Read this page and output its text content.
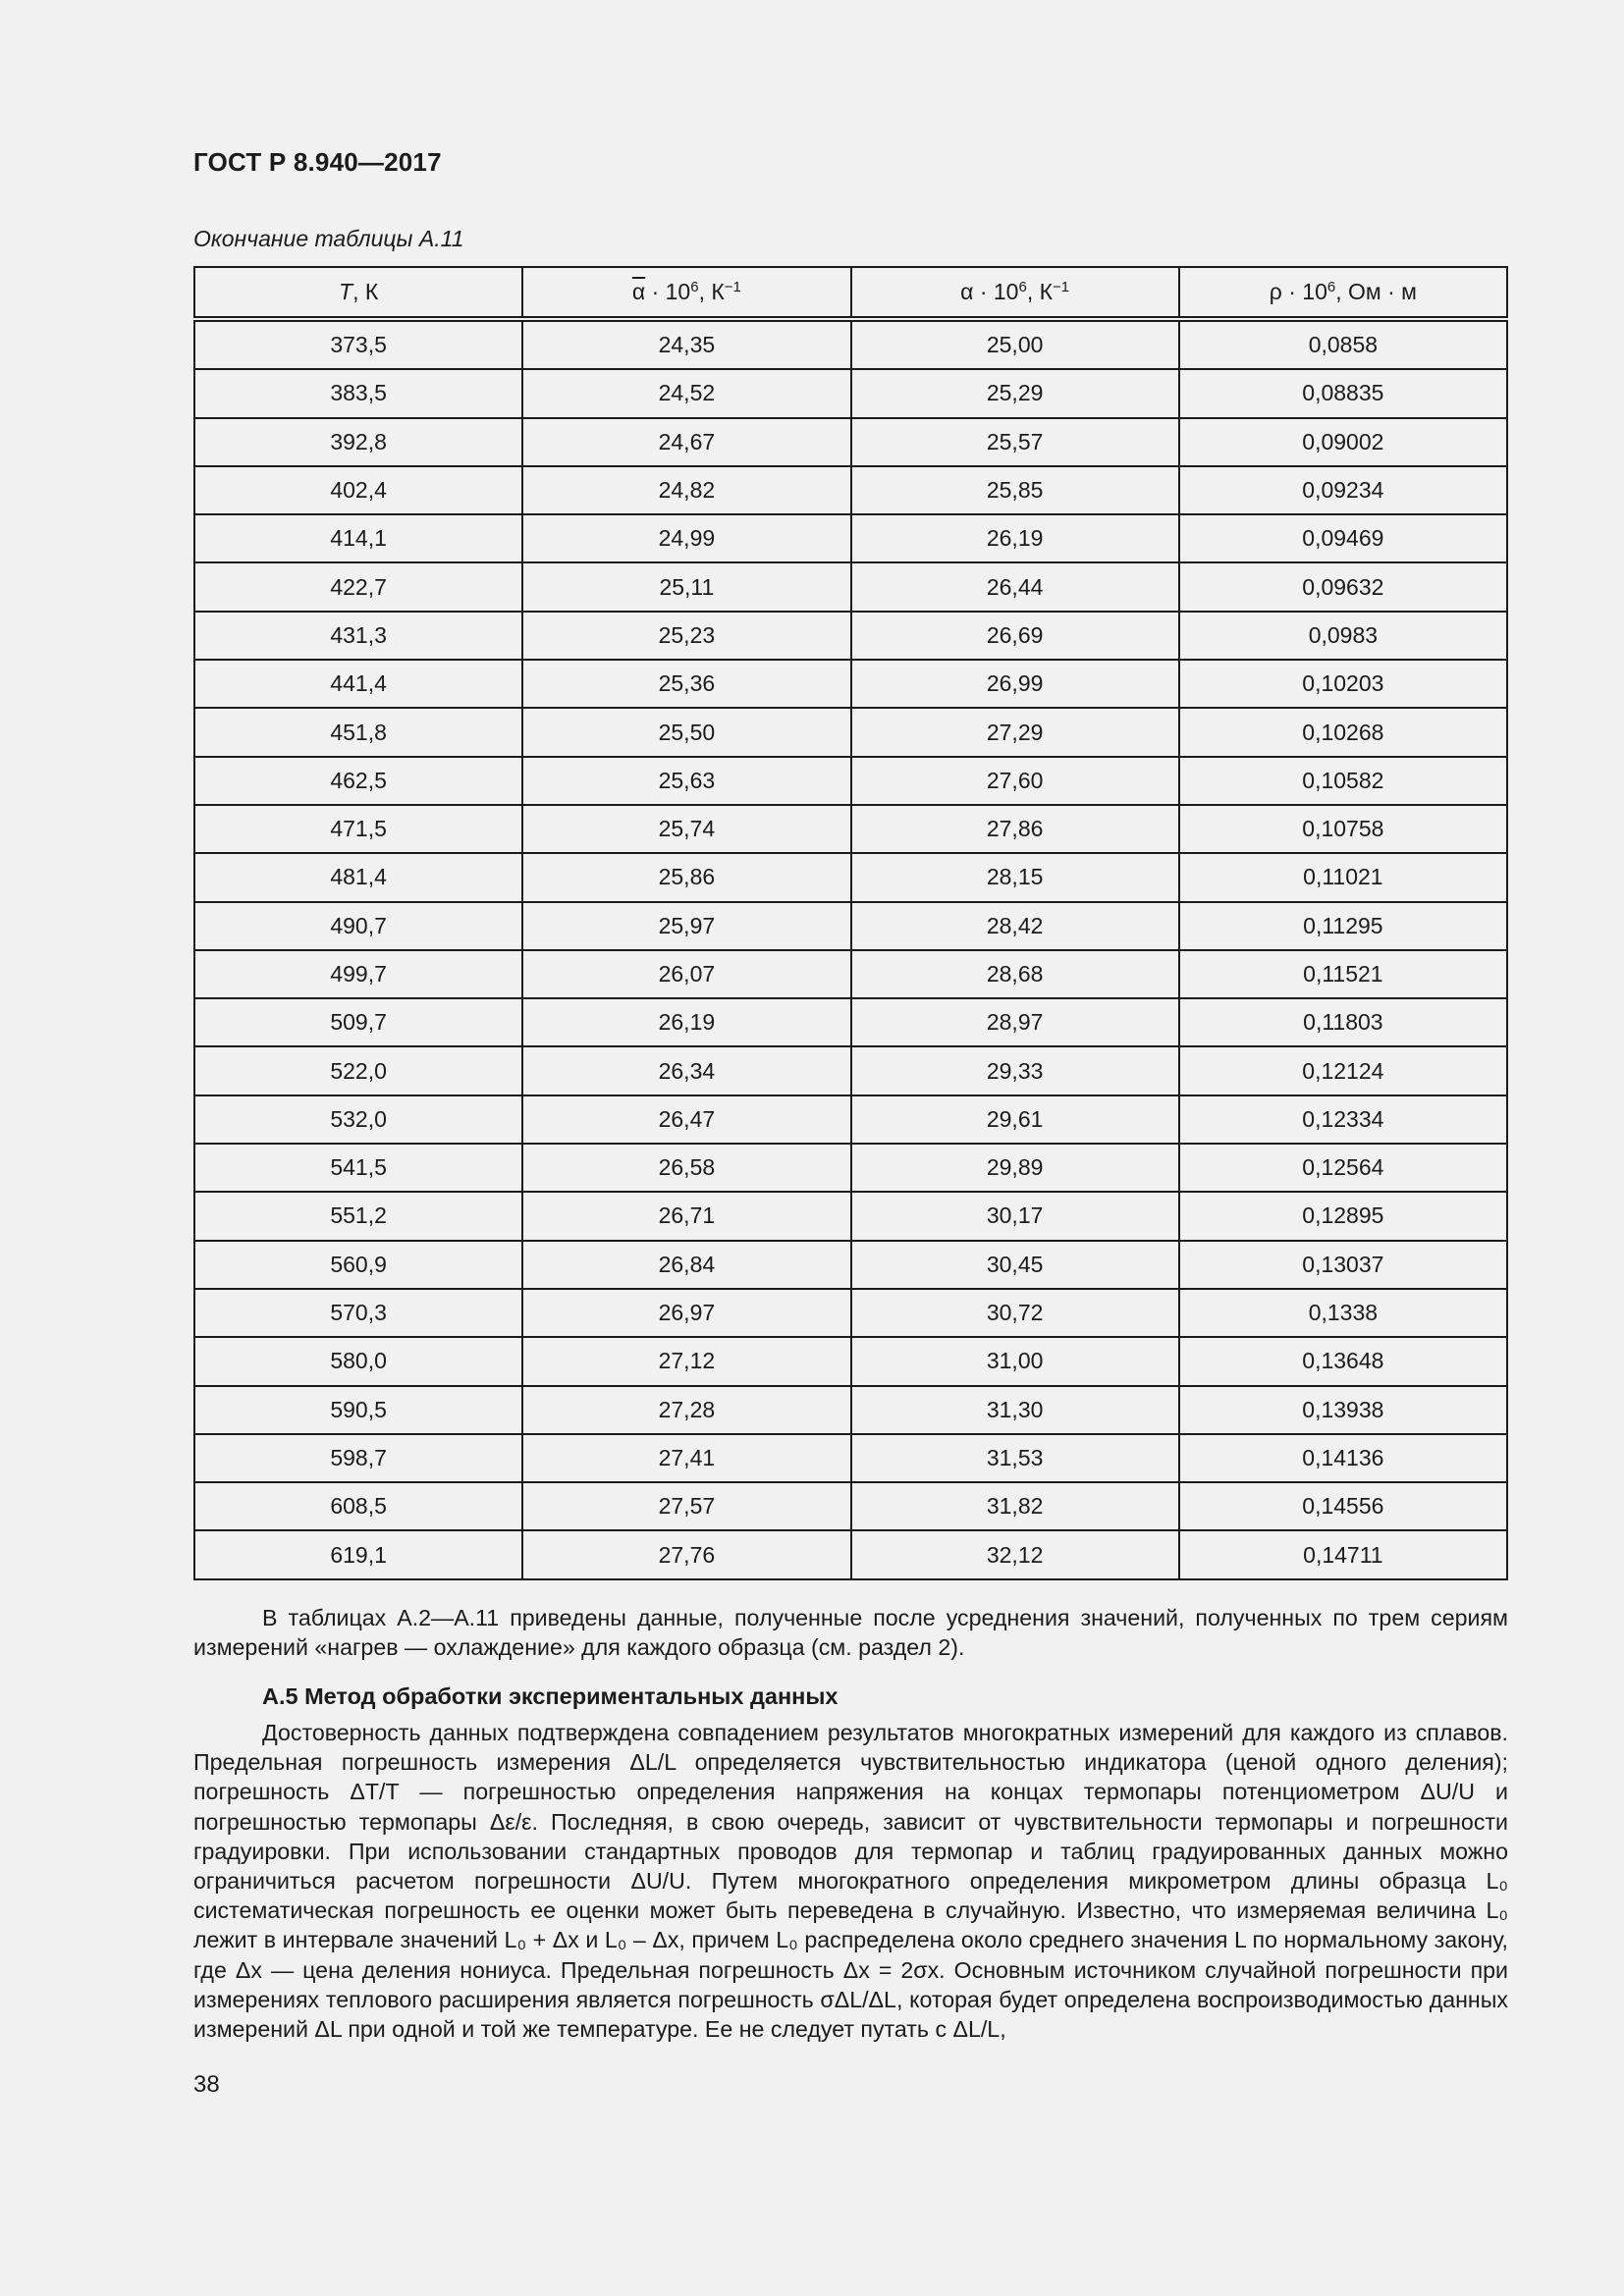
ГОСТ Р 8.940—2017
Окончание таблицы А.11
T, К	$\overline{\alpha} \cdot 10^6$, $К^{-1}$	$\alpha \cdot 10^6$, $К^{-1}$	$\rho \cdot 10^6$, Ом · м
373,5	24,35	25,00	0,0858
383,5	24,52	25,29	0,08835
392,8	24,67	25,57	0,09002
402,4	24,82	25,85	0,09234
414,1	24,99	26,19	0,09469
422,7	25,11	26,44	0,09632
431,3	25,23	26,69	0,0983
441,4	25,36	26,99	0,10203
451,8	25,50	27,29	0,10268
462,5	25,63	27,60	0,10582
471,5	25,74	27,86	0,10758
481,4	25,86	28,15	0,11021
490,7	25,97	28,42	0,11295
499,7	26,07	28,68	0,11521
509,7	26,19	28,97	0,11803
522,0	26,34	29,33	0,12124
532,0	26,47	29,61	0,12334
541,5	26,58	29,89	0,12564
551,2	26,71	30,17	0,12895
560,9	26,84	30,45	0,13037
570,3	26,97	30,72	0,1338
580,0	27,12	31,00	0,13648
590,5	27,28	31,30	0,13938
598,7	27,41	31,53	0,14136
608,5	27,57	31,82	0,14556
619,1	27,76	32,12	0,14711
В таблицах А.2—А.11 приведены данные, полученные после усреднения значений, полученных по трем сериям измерений «нагрев — охлаждение» для каждого образца (см. раздел 2).
А.5 Метод обработки экспериментальных данных
Достоверность данных подтверждена совпадением результатов многократных измерений для каждого из сплавов. Предельная погрешность измерения ΔL/L определяется чувствительностью индикатора (ценой одного деления); погрешность ΔT/T — погрешностью определения напряжения на концах термопары потенциометром ΔU/U и погрешностью термопары Δε/ε. Последняя, в свою очередь, зависит от чувствительности термопары и погрешности градуировки. При использовании стандартных проводов для термопар и таблиц градуированных данных можно ограничиться расчетом погрешности ΔU/U. Путем многократного определения микрометром длины образца L₀ систематическая погрешность ее оценки может быть переведена в случайную. Известно, что измеряемая величина L₀ лежит в интервале значений L₀ + Δx и L₀ – Δx, причем L₀ распределена около среднего значения L по нормальному закону, где Δx — цена деления нониуса. Предельная погрешность Δx = 2σx. Основным источником случайной погрешности при измерениях теплового расширения является погрешность σΔL/ΔL, которая будет определена воспроизводимостью данных измерений ΔL при одной и той же температуре. Ее не следует путать с ΔL/L,
38
